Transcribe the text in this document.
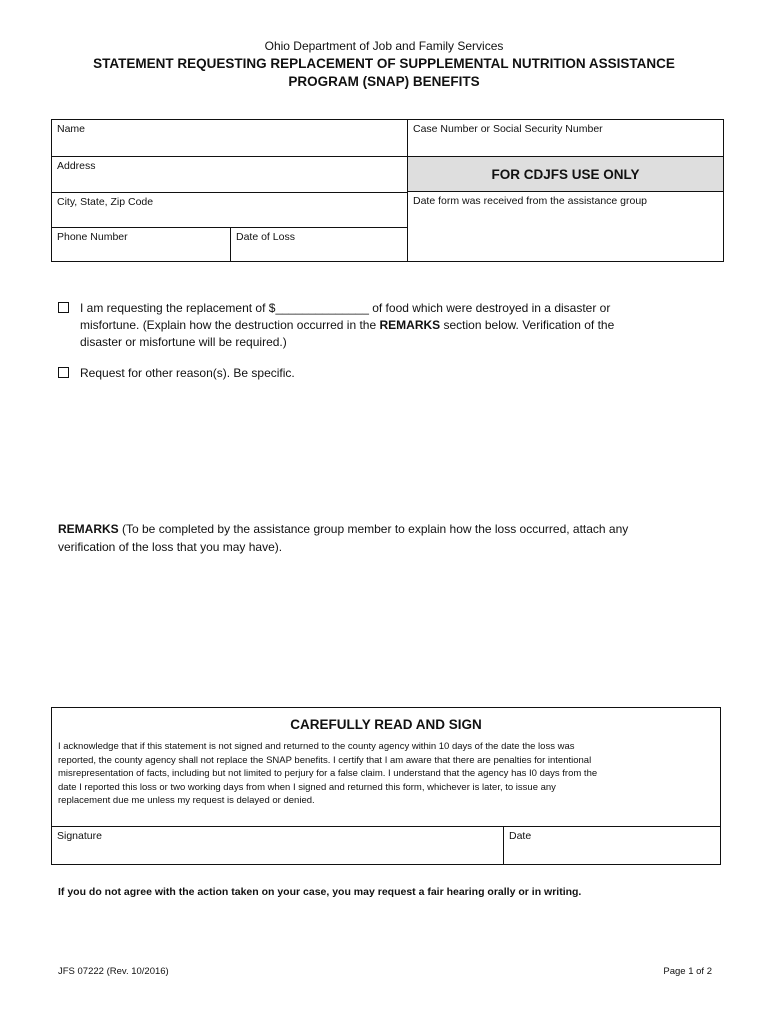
Ohio Department of Job and Family Services
STATEMENT REQUESTING REPLACEMENT OF SUPPLEMENTAL NUTRITION ASSISTANCE
PROGRAM (SNAP) BENEFITS
Name	Case Number or Social Security Number
Address
FOR CDJFS USE ONLY
City, State, Zip Code	Date form was received from the assistance group
Phone Number	Date of Loss
I am requesting the replacement of $______________ of food which were destroyed in a disaster or
misfortune. (Explain how the destruction occurred in the REMARKS section below. Verification of the
disaster or misfortune will be required.)
Request for other reason(s). Be specific.
REMARKS (To be completed by the assistance group member to explain how the loss occurred, attach any
verification of the loss that you may have).
CAREFULLY READ AND SIGN
I acknowledge that if this statement is not signed and returned to the county agency within 10 days of the date the loss was
reported, the county agency shall not replace the SNAP benefits. I certify that I am aware that there are penalties for intentional
misrepresentation of facts, including but not limited to perjury for a false claim. I understand that the agency has I0 days from the
date I reported this loss or two working days from when I signed and returned this form, whichever is later, to issue any
replacement due me unless my request is delayed or denied.
Signature	Date
If you do not agree with the action taken on your case, you may request a fair hearing orally or in writing.
JFS 07222 (Rev. 10/2016)	Page 1 of 2
